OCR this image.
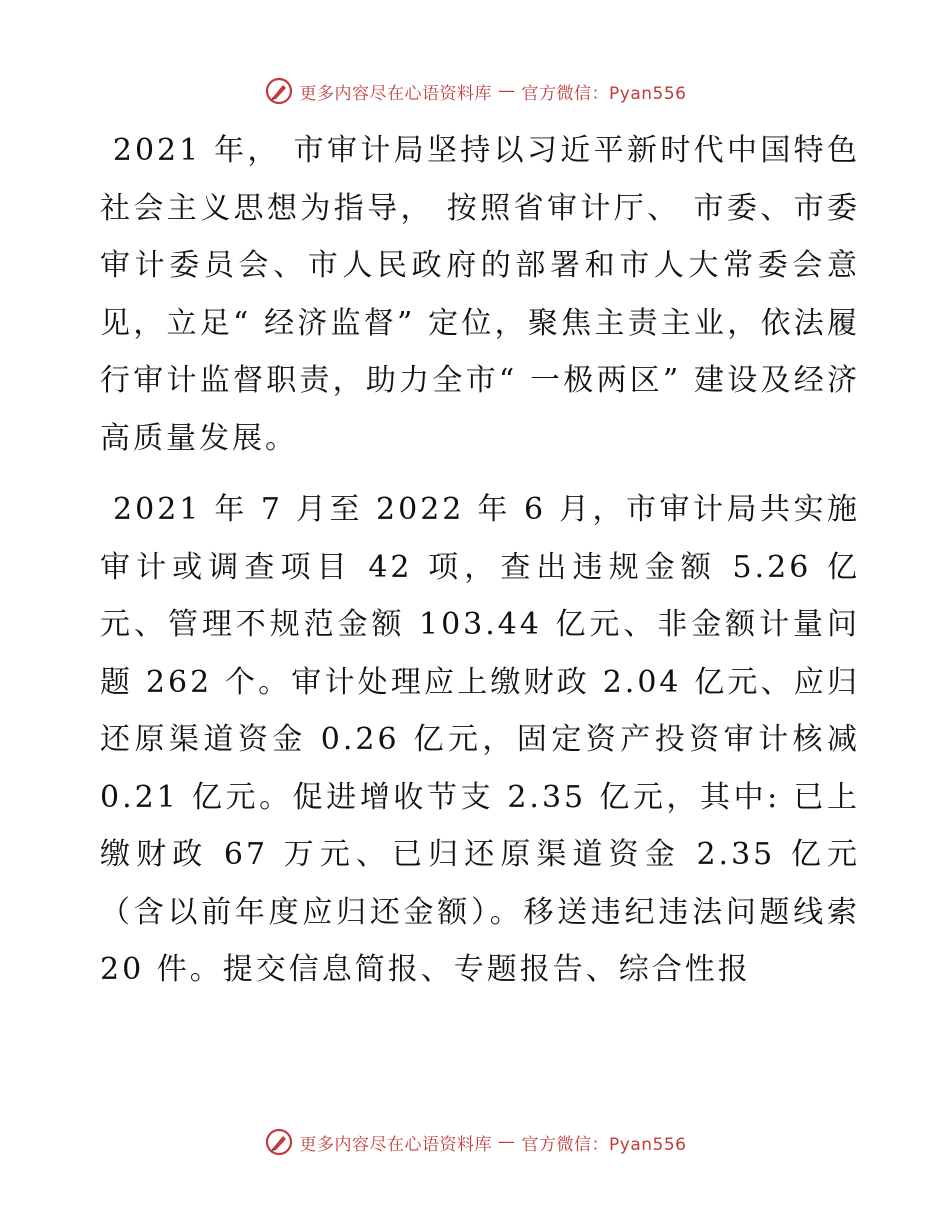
更多内容尽在心语资料库 — 官方微信：Pyan556

2021 年， 市审计局坚持以习近平新时代中国特色社会主义思想为指导， 按照省审计厅、 市委、市委审计委员会、市人民政府的部署和市人大常委会意见，立足“ 经济监督” 定位，聚焦主责主业，依法履行审计监督职责，助力全市“ 一极两区” 建设及经济高质量发展。

2021 年 7 月至 2022 年 6 月，市审计局共实施审计或调查项目 42 项，查出违规金额 5.26 亿元、管理不规范金额 103.44 亿元、非金额计量问题 262 个。审计处理应上缴财政 2.04 亿元、应归还原渠道资金 0.26 亿元，固定资产投资审计核减 0.21 亿元。促进增收节支 2.35 亿元，其中: 已上缴财政 67 万元、已归还原渠道资金 2.35 亿元（含以前年度应归还金额）。移送违纪违法问题线索 20 件。提交信息简报、专题报告、综合性报

更多内容尽在心语资料库 — 官方微信：Pyan556
